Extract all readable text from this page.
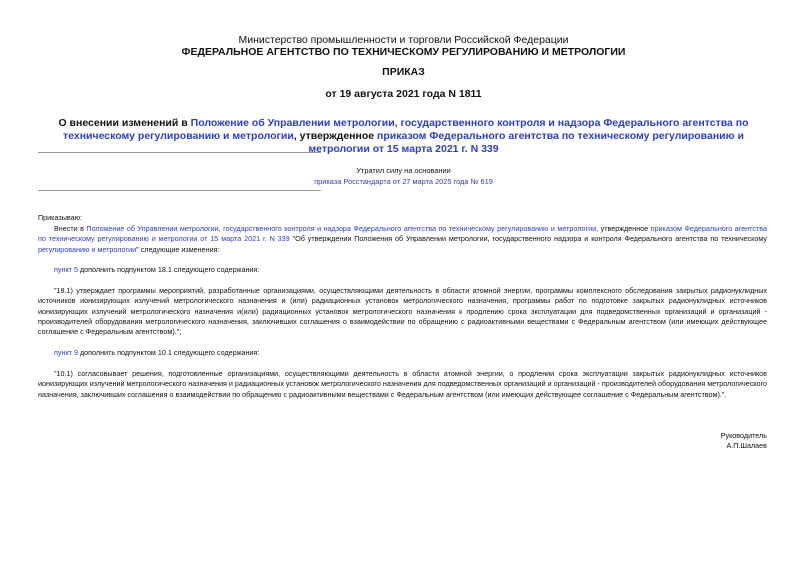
Министерство промышленности и торговли Российской Федерации
ФЕДЕРАЛЬНОЕ АГЕНТСТВО ПО ТЕХНИЧЕСКОМУ РЕГУЛИРОВАНИЮ И МЕТРОЛОГИИ
ПРИКАЗ
от 19 августа 2021 года N 1811
О внесении изменений в Положение об Управлении метрологии, государственного контроля и надзора Федерального агентства по техническому регулированию и метрологии, утвержденное приказом Федерального агентства по техническому регулированию и метрологии от 15 марта 2021 г. N 339
Утратил силу на основании
приказа Росстандарта от 27 марта 2025 года № 619
Приказываю:
Внести в Положение об Управлении метрологии, государственного контроля и надзора Федерального агентства по техническому регулированию и метрологии, утвержденное приказом Федерального агентства по техническому регулированию и метрологии от 15 марта 2021 г. N 339 "Об утверждении Положения об Управлении метрологии, государственного надзора и контроля Федерального агентства по техническому регулированию и метрологии" следующие изменения:
пункт 5 дополнить подпунктом 18.1 следующего содержания:
"18.1) утверждает программы мероприятий, разработанные организациями, осуществляющими деятельность в области атомной энергии, программы комплексного обследования закрытых радионуклидных источников ионизирующих излучений метрологического назначения и (или) радиационных установок метрологического назначения, программы работ по подготовке закрытых радионуклидных источников ионизирующих излучений метрологического назначения и(или) радиационных установок метрологического назначения к продлению срока эксплуатации для подведомственных организаций и организаций - производителей оборудования метрологического назначения, заключивших соглашения о взаимодействии по обращению с радиоактивными веществами с Федеральным агентством (или имеющих действующее соглашение с Федеральным агентством).";
пункт 9 дополнить подпунктом 10.1 следующего содержания:
"10.1) согласовывает решения, подготовленные организациями, осуществляющими деятельность в области атомной энергии, о продлении срока эксплуатации закрытых радионуклидных источников ионизирующих излучений метрологического назначения и радиационных установок метрологического назначения для подведомственных организаций и организаций - производителей оборудования метрологического назначения, заключивших соглашения о взаимодействии по обращению с радиоактивными веществами с Федеральным агентством (или имеющих действующее соглашение с Федеральным агентством).".
Руководитель
А.П.Шалаев
